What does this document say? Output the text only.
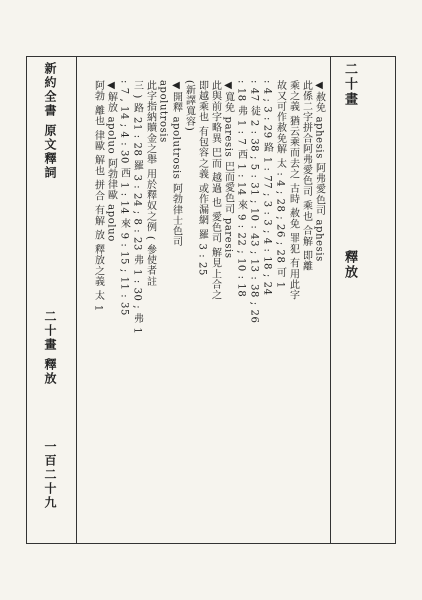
新約全書 原文釋詞
二十畫 釋放
一百二十九
二十畫
釋放
◀赦免 aphesis 阿弗愛色司 aphesis
此係二字拼合阿弗愛色司 乘也 合解 即離
乘之義 猶云乘而去之 古時 赦免 罪犯 有用此字
故又可作赦免解 太 : 4 ; 28 ; 26 ; 28 可 1
: 4 ; 3 : 29 路 1 : 77 ; 3 : 3 ; 4 : 18 ; 24
: 47 徒 2 : 38 ; 5 : 31 ; 10 : 43 ; 13 : 38 ; 26
: 18 弗 1 : 7 西 1 : 14 來 9 : 22 ; 10 : 18
◀寬免 paresis 巴而愛色司 paresis
此與前字略異 巴而 越過 也 愛色司 解見上合之
即越乘也 有包容之義 或作漏網 羅 3 : 25
(新譯寬容)
◀開釋 apolutrosis 阿勃律士色司
apolutrosis
此字指納贖金之舉 用於釋奴之例 ( 參使者註
三 ) 路 21 : 28 羅 3 : 24 ; 8 : 23 弗 1 : 30 ; 弗 1
: 7 , 14 ; 4 : 30 西 1 : 14 來 9 : 15 ; 11 : 35
◀解放 apoluo 阿勃律歐 apoluo
阿勃 離也 律歐 解也 拼合 有解 放 釋放之義 太 1
